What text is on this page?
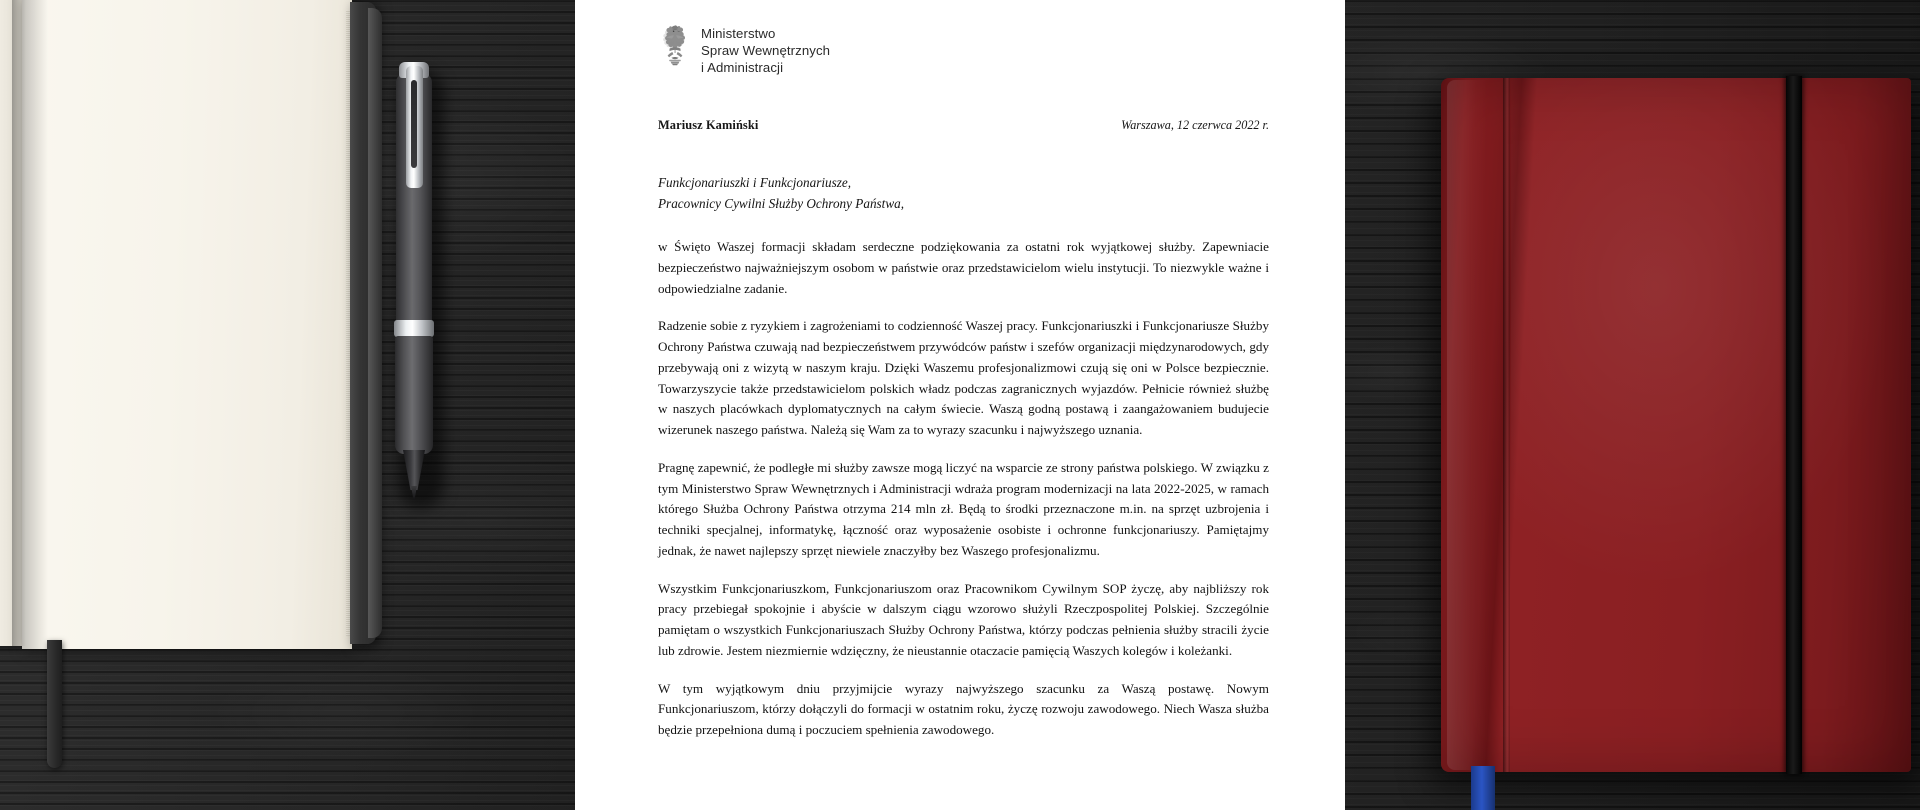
Ministerstwo
Spraw Wewnętrznych
i Administracji
Mariusz Kamiński	Warszawa, 12 czerwca 2022 r.
Funkcjonariuszki i Funkcjonariusze,
Pracownicy Cywilni Służby Ochrony Państwa,

w Święto Waszej formacji składam serdeczne podziękowania za ostatni rok wyjątkowej służby. Zapewniacie bezpieczeństwo najważniejszym osobom w państwie oraz przedstawicielom wielu instytucji. To niezwykle ważne i odpowiedzialne zadanie.

Radzenie sobie z ryzykiem i zagrożeniami to codzienność Waszej pracy. Funkcjonariuszki i Funkcjonariusze Służby Ochrony Państwa czuwają nad bezpieczeństwem przywódców państw i szefów organizacji międzynarodowych, gdy przebywają oni z wizytą w naszym kraju. Dzięki Waszemu profesjonalizmowi czują się oni w Polsce bezpiecznie. Towarzyszycie także przedstawicielom polskich władz podczas zagranicznych wyjazdów. Pełnicie również służbę w naszych placówkach dyplomatycznych na całym świecie. Waszą godną postawą i zaangażowaniem budujecie wizerunek naszego państwa. Należą się Wam za to wyrazy szacunku i najwyższego uznania.

Pragnę zapewnić, że podległe mi służby zawsze mogą liczyć na wsparcie ze strony państwa polskiego. W związku z tym Ministerstwo Spraw Wewnętrznych i Administracji wdraża program modernizacji na lata 2022-2025, w ramach którego Służba Ochrony Państwa otrzyma 214 mln zł. Będą to środki przeznaczone m.in. na sprzęt uzbrojenia i techniki specjalnej, informatykę, łączność oraz wyposażenie osobiste i ochronne funkcjonariuszy. Pamiętajmy jednak, że nawet najlepszy sprzęt niewiele znaczyłby bez Waszego profesjonalizmu.

Wszystkim Funkcjonariuszkom, Funkcjonariuszom oraz Pracownikom Cywilnym SOP życzę, aby najbliższy rok pracy przebiegał spokojnie i abyście w dalszym ciągu wzorowo służyli Rzeczpospolitej Polskiej. Szczególnie pamiętam o wszystkich Funkcjonariuszach Służby Ochrony Państwa, którzy podczas pełnienia służby stracili życie lub zdrowie. Jestem niezmiernie wdzięczny, że nieustannie otaczacie pamięcią Waszych kolegów i koleżanki.

W tym wyjątkowym dniu przyjmijcie wyrazy najwyższego szacunku za Waszą postawę. Nowym Funkcjonariuszom, którzy dołączyli do formacji w ostatnim roku, życzę rozwoju zawodowego. Niech Wasza służba będzie przepełniona dumą i poczuciem spełnienia zawodowego.
